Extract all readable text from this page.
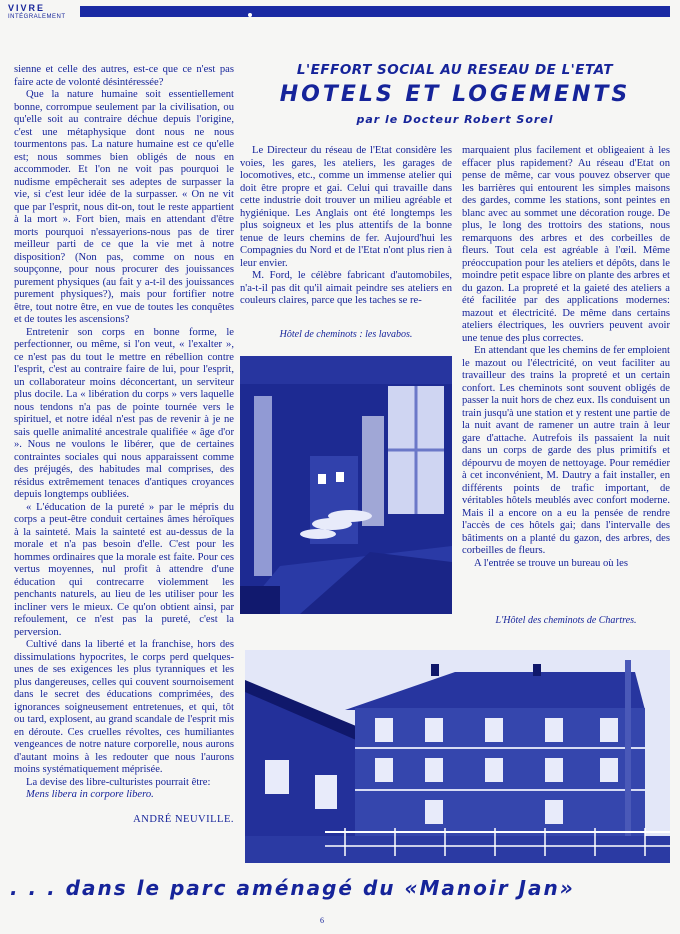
VIVRE
INTÉGRALEMENT

sienne et celle des autres, est-ce que ce n'est pas faire acte de volonté désintéressée?

Que la nature humaine soit essentiellement bonne, corrompue seulement par la civilisation, ou qu'elle soit au contraire déchue depuis l'origine, c'est une métaphysique dont nous ne nous tourmentons pas. La nature humaine est ce qu'elle est; nous sommes bien obligés de nous en accommoder. Et l'on ne voit pas pourquoi le nudisme empêcherait ses adeptes de surpasser la vie, si c'est leur idée de la surpasser. « On ne vit que par l'esprit, nous dit-on, tout le reste appartient à la mort ». Fort bien, mais en attendant d'être morts pourquoi n'essayerions-nous pas de tirer meilleur parti de ce que la vie met à notre disposition? (Non pas, comme on nous en soupçonne, pour nous procurer des jouissances purement physiques (au fait y a-t-il des jouissances purement physiques?), mais pour fortifier notre être, tout notre être, en vue de toutes les conquêtes et de toutes les ascensions?

Entretenir son corps en bonne forme, le perfectionner, ou même, si l'on veut, « l'exalter », ce n'est pas du tout le mettre en rébellion contre l'esprit, c'est au contraire faire de lui, pour l'esprit, un collaborateur moins déconcertant, un serviteur plus docile. La « libération du corps » vers laquelle nous tendons n'a pas de pointe tournée vers le spirituel, et notre idéal n'est pas de revenir à je ne sais quelle animalité ancestrale qualifiée « âge d'or ». Nous ne voulons le libérer, que de certaines contraintes sociales qui nous apparaissent comme des préjugés, des habitudes mal comprises, des résidus extrêmement tenaces d'antiques croyances depuis longtemps oubliées.

« L'éducation de la pureté » par le mépris du corps a peut-être conduit certaines âmes héroïques à la sainteté. Mais la sainteté est au-dessus de la morale et n'a pas besoin d'elle. C'est pour les hommes ordinaires que la morale est faite. Pour ces vertus moyennes, nul profit à attendre d'une éducation qui contrecarre violemment les penchants naturels, au lieu de les utiliser pour les incliner vers le mieux. Ce qu'on obtient ainsi, par refoulement, ce n'est pas la pureté, c'est la perversion.

Cultivé dans la liberté et la franchise, hors des dissimulations hypocrites, le corps perd quelques-unes de ses exigences les plus tyranniques et les plus dangereuses, celles qui couvent sournoisement dans le secret des éducations comprimées, des ignorances soigneusement entretenues, et qui, tôt ou tard, explosent, au grand scandale de l'esprit mis en déroute. Ces cruelles révoltes, ces humiliantes vengeances de notre nature corporelle, nous aurons d'autant moins à les redouter que nous l'aurons moins systématiquement méprisée.

La devise des libre-culturistes pourrait être:

Mens libera in corpore libero.

ANDRÉ NEUVILLE.
L'EFFORT SOCIAL AU RESEAU DE L'ETAT
HOTELS ET LOGEMENTS
par le Docteur Robert Sorel

Le Directeur du réseau de l'Etat considère les voies, les gares, les ateliers, les garages de locomotives, etc., comme un immense atelier qui doit être propre et gai. Celui qui travaille dans cette industrie doit trouver un milieu agréable et hygiénique. Les Anglais ont été longtemps les plus soigneux et les plus attentifs de la bonne tenue de leurs chemins de fer. Aujourd'hui les Compagnies du Nord et de l'Etat n'ont plus rien à leur envier.

M. Ford, le célèbre fabricant d'automobiles, n'a-t-il pas dit qu'il aimait peindre ses ateliers en couleurs claires, parce que les taches se re-

Hôtel de cheminots : les lavabos.

marquaient plus facilement et obligeaient à les effacer plus rapidement? Au réseau d'Etat on pense de même, car vous pouvez observer que les barrières qui entourent les simples maisons des gardes, comme les stations, sont peintes en blanc avec au sommet une décoration rouge. De plus, le long des trottoirs des stations, nous remarquons des arbres et des corbeilles de fleurs. Tout cela est agréable à l'œil. Même préoccupation pour les ateliers et dépôts, dans le moindre petit espace libre on plante des arbres et du gazon. La propreté et la gaieté des ateliers a été facilitée par des applications modernes: mazout et électricité. De même dans certains ateliers électriques, les ouvriers peuvent avoir une tenue des plus correctes.

En attendant que les chemins de fer emploient le mazout ou l'électricité, on veut faciliter au travailleur des trains la propreté et un certain confort. Les cheminots sont souvent obligés de passer la nuit hors de chez eux. Ils conduisent un train jusqu'à une station et y restent une partie de la nuit avant de ramener un autre train à leur gare d'attache. Autrefois ils passaient la nuit dans un corps de garde des plus primitifs et dépourvu de moyen de nettoyage. Pour remédier à cet inconvénient, M. Dautry a fait installer, en différents points de trafic important, de véritables hôtels meublés avec confort moderne. Mais il a encore on a eu la pensée de rendre l'accès de ces hôtels gai; dans l'intervalle des bâtiments on a planté du gazon, des arbres, des corbeilles de fleurs.

A l'entrée se trouve un bureau où les

L'Hôtel des cheminots de Chartres.
. . . dans le parc aménagé du «Manoir Jan»
6
